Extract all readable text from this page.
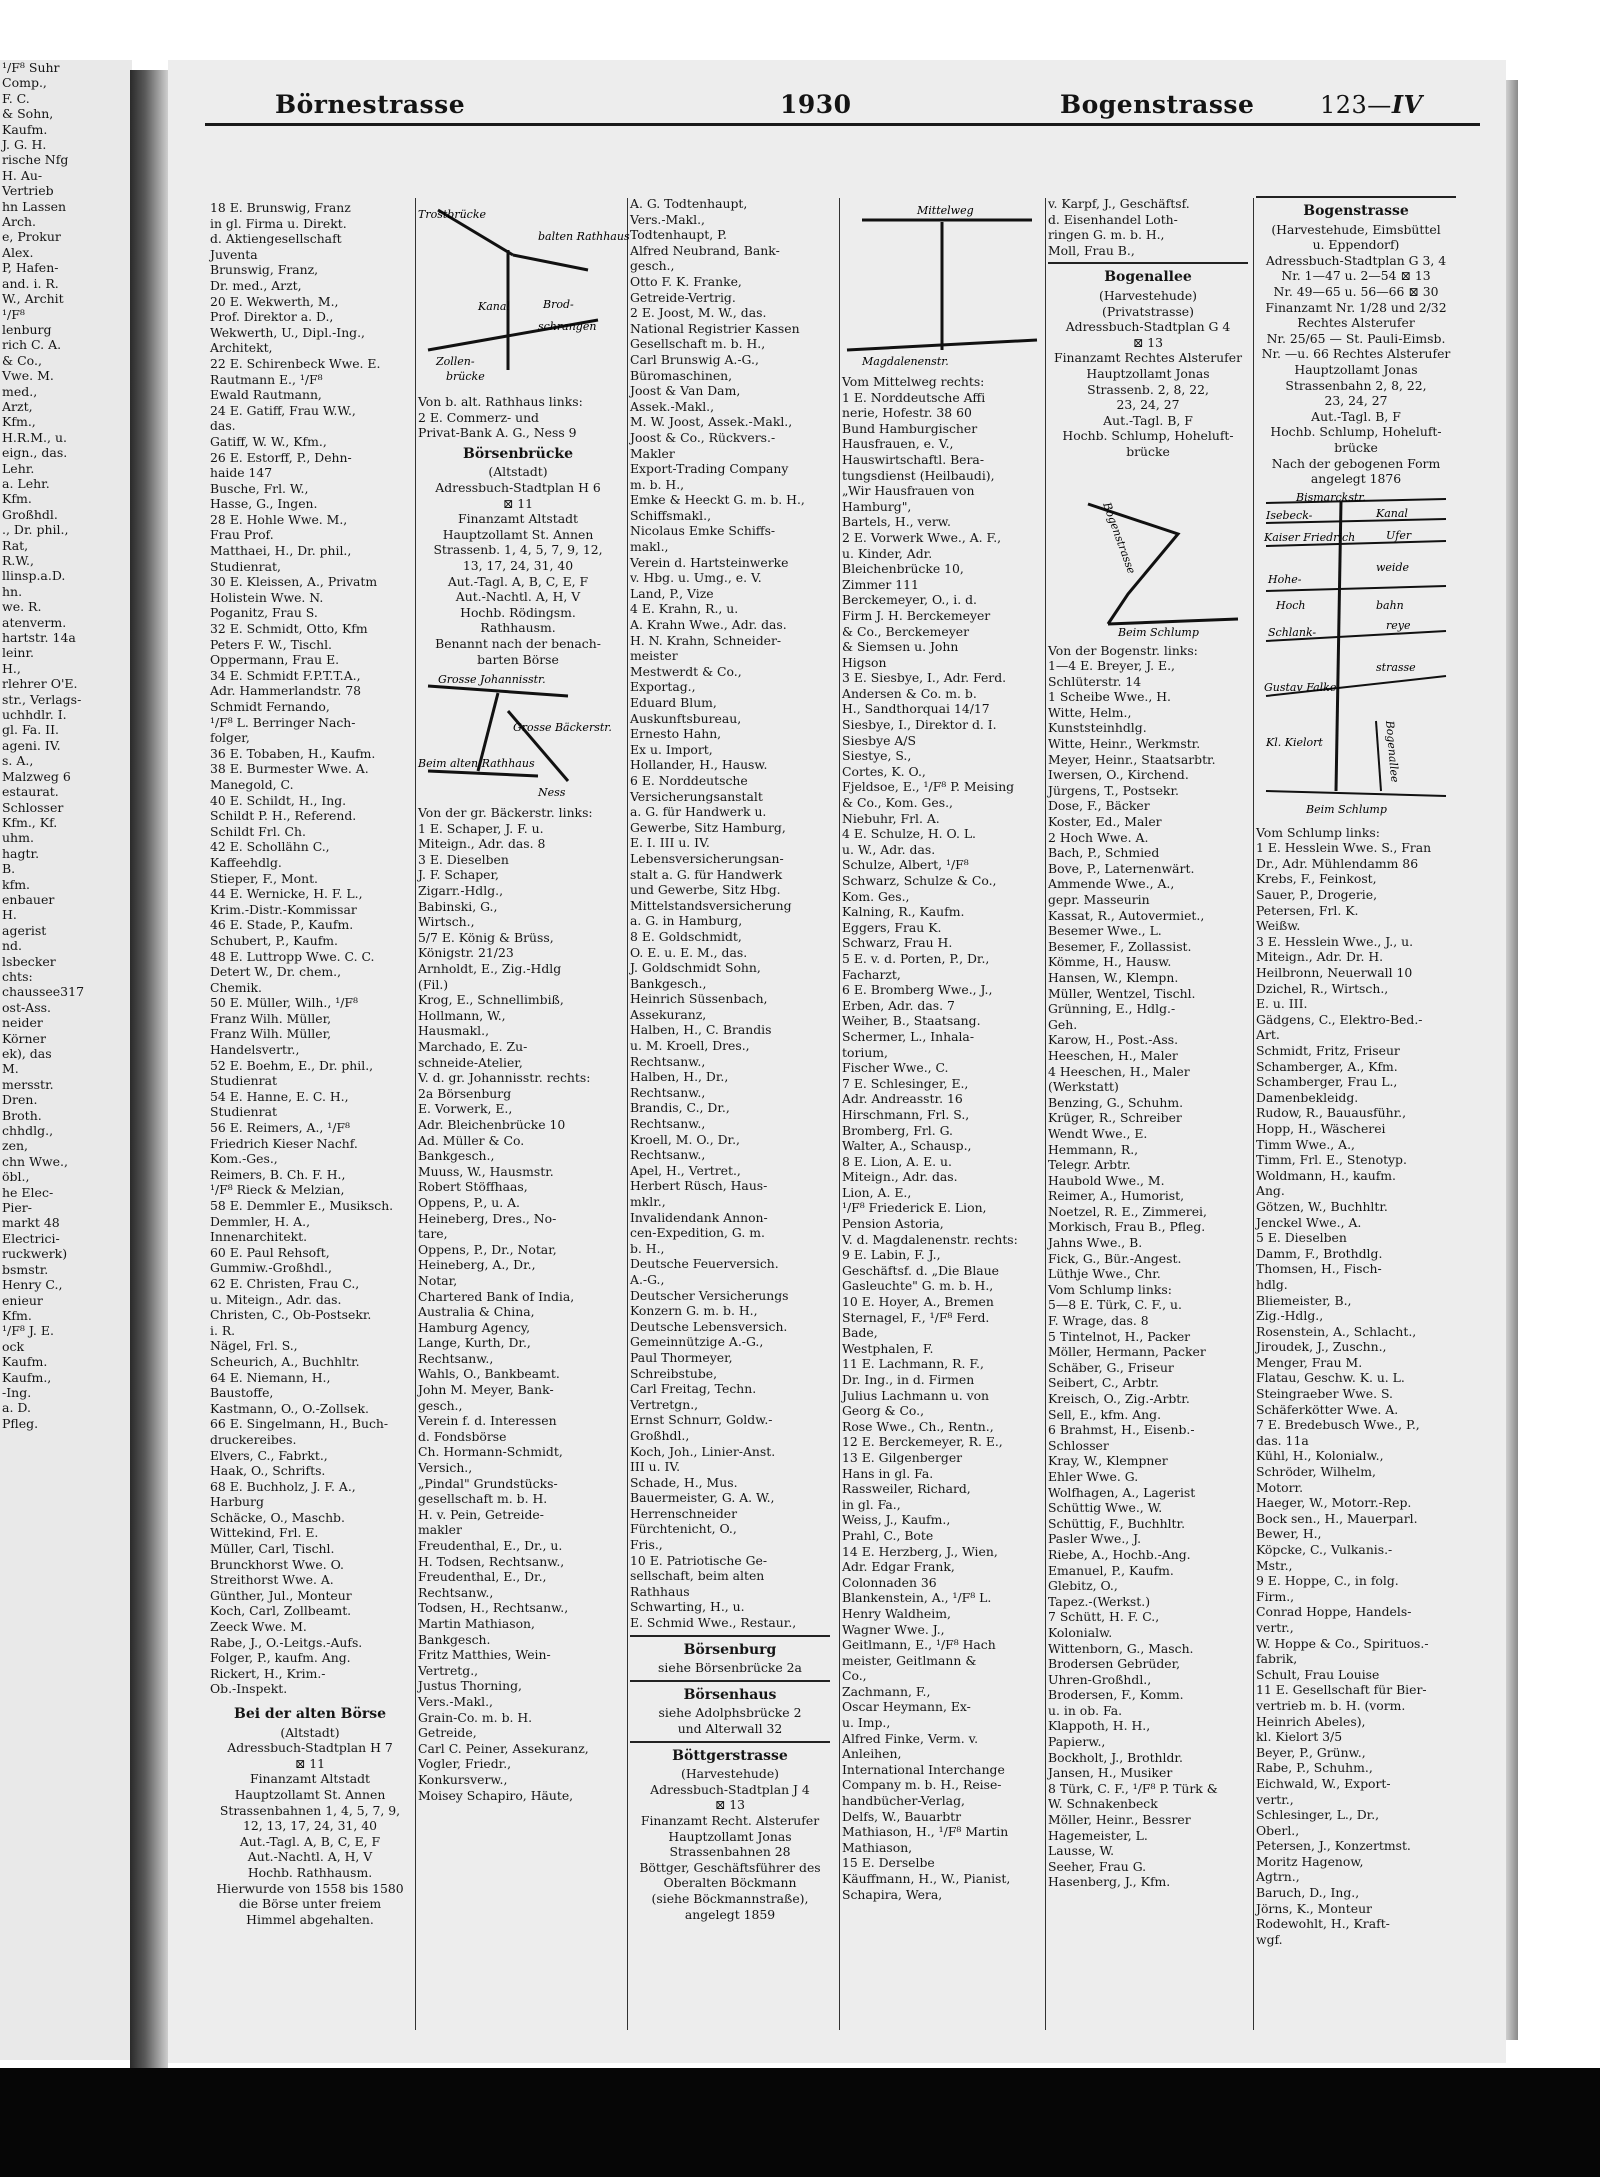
¹/F⁸ Suhr
Comp.,
F. C.
& Sohn,
Kaufm.
J. G. H.
rische Nfg
H. Au-
Vertrieb
hn Lassen
Arch.
e, Prokur
Alex.
P, Hafen-
and. i. R.
W., Archit
¹/F⁸
lenburg
rich C. A.
& Co.,
Vwe. M.
med.,
Arzt,
Kfm.,
H.R.M., u.
eign., das.
Lehr.
a. Lehr.
Kfm.
Großhdl.
., Dr. phil.,
Rat,
R.W.,
llinsp.a.D.
hn.
we. R.
atenverm.
hartstr. 14a
leinr.
H.,
rlehrer O'E.
str., Verlags-
uchhdlr. I.
gl. Fa. II.
ageni. IV.
s. A.,
Malzweg 6
estaurat.
Schlosser
Kfm., Kf.
uhm.
hagtr.
B.
kfm.
enbauer
H.
agerist
nd.
lsbecker
chts:
chaussee317
ost-Ass.
neider
Körner
ek), das
M.
mersstr.
Dren.
Broth.
chhdlg.,
zen,
chn Wwe.,
öbl.,
he Elec-
Pier-
markt 48
Electrici-
ruckwerk)
bsmstr.
Henry C.,
enieur
Kfm.
¹/F⁸ J. E.
ock
Kaufm.
Kaufm.,
-Ing.
a. D.
Pfleg.
Börnestrasse	1930	Bogenstrasse	123—IV
18 E. Brunswig, Franz
in gl. Firma u. Direkt.
d. Aktiengesellschaft
Juventa
Brunswig, Franz,
Dr. med., Arzt,
20 E. Wekwerth, M.,
Prof. Direktor a. D.,
Wekwerth, U., Dipl.-Ing.,
Architekt,
22 E. Schirenbeck Wwe. E.
Rautmann E., ¹/F⁸
Ewald Rautmann,
24 E. Gatiff, Frau W.W.,
das.
Gatiff, W. W., Kfm.,
26 E. Estorff, P., Dehn-
haide 147
Busche, Frl. W.,
Hasse, G., Ingen.
28 E. Hohle Wwe. M.,
Frau Prof.
Matthaei, H., Dr. phil.,
Studienrat,
30 E. Kleissen, A., Privatm
Holistein Wwe. N.
Poganitz, Frau S.
32 E. Schmidt, Otto, Kfm
Peters F. W., Tischl.
Oppermann, Frau E.
34 E. Schmidt F.P.T.T.A.,
Adr. Hammerlandstr. 78
Schmidt Fernando,
¹/F⁸ L. Berringer Nach-
folger,
36 E. Tobaben, H., Kaufm.
38 E. Burmester Wwe. A.
Manegold, C.
40 E. Schildt, H., Ing.
Schildt P. H., Referend.
Schildt Frl. Ch.
42 E. Schollähn C.,
Kaffeehdlg.
Stieper, F., Mont.
44 E. Wernicke, H. F. L.,
Krim.-Distr.-Kommissar
46 E. Stade, P., Kaufm.
Schubert, P., Kaufm.
48 E. Luttropp Wwe. C. C.
Detert W., Dr. chem.,
Chemik.
50 E. Müller, Wilh., ¹/F⁸
Franz Wilh. Müller,
Franz Wilh. Müller,
Handelsvertr.,
52 E. Boehm, E., Dr. phil.,
Studienrat
54 E. Hanne, E. C. H.,
Studienrat
56 E. Reimers, A., ¹/F⁸
Friedrich Kieser Nachf.
Kom.-Ges.,
Reimers, B. Ch. F. H.,
¹/F⁸ Rieck & Melzian,
58 E. Demmler E., Musiksch.
Demmler, H. A.,
Innenarchitekt.
60 E. Paul Rehsoft,
Gummiw.-Großhdl.,
62 E. Christen, Frau C.,
u. Miteign., Adr. das.
Christen, C., Ob-Postsekr.
i. R.
Nägel, Frl. S.,
Scheurich, A., Buchhltr.
64 E. Niemann, H.,
Baustoffe,
Kastmann, O., O.-Zollsek.
66 E. Singelmann, H., Buch-
druckereibes.
Elvers, C., Fabrkt.,
Haak, O., Schrifts.
68 E. Buchholz, J. F. A.,
Harburg
Schäcke, O., Maschb.
Wittekind, Frl. E.
Müller, Carl, Tischl.
Brunckhorst Wwe. O.
Streithorst Wwe. A.
Günther, Jul., Monteur
Koch, Carl, Zollbeamt.
Zeeck Wwe. M.
Rabe, J., O.-Leitgs.-Aufs.
Folger, P., kaufm. Ang.
Rickert, H., Krim.-
Ob.-Inspekt.
Bei der alten Börse
(Altstadt)
Adressbuch-Stadtplan H 7
⊠ 11
Finanzamt Altstadt
Hauptzollamt St. Annen
Strassenbahnen 1, 4, 5, 7, 9,
12, 13, 17, 24, 31, 40
Aut.-Tagl. A, B, C, E, F
Aut.-Nachtl. A, H, V
Hochb. Rathhausm.
Hierwurde von 1558 bis 1580
die Börse unter freiem
Himmel abgehalten.
Trostbrücke
balten Rathhaus
Kanal	Brod-
schrangen
Zollen-
brücke
Von b. alt. Rathhaus links:
2 E. Commerz- und
Privat-Bank A. G., Ness 9
Börsenbrücke
(Altstadt)
Adressbuch-Stadtplan H 6
⊠ 11
Finanzamt Altstadt
Hauptzollamt St. Annen
Strassenb. 1, 4, 5, 7, 9, 12,
13, 17, 24, 31, 40
Aut.-Tagl. A, B, C, E, F
Aut.-Nachtl. A, H, V
Hochb. Rödingsm.
Rathhausm.
Benannt nach der benach-
barten Börse
Grosse Johannisstr.
Grosse Bäckerstr.
Beim alten Rathhaus
Ness
Von der gr. Bäckerstr. links:
1 E. Schaper, J. F. u.
Miteign., Adr. das. 8
3 E. Dieselben
J. F. Schaper,
Zigarr.-Hdlg.,
Babinski, G.,
Wirtsch.,
5/7 E. König & Brüss,
Königstr. 21/23
Arnholdt, E., Zig.-Hdlg
(Fil.)
Krog, E., Schnellimbiß,
Hollmann, W.,
Hausmakl.,
Marchado, E. Zu-
schneide-Atelier,
V. d. gr. Johannisstr. rechts:
2a Börsenburg
E. Vorwerk, E.,
Adr. Bleichenbrücke 10
Ad. Müller & Co.
Bankgesch.,
Muuss, W., Hausmstr.
Robert Stöffhaas,
Oppens, P., u. A.
Heineberg, Dres., No-
tare,
Oppens, P., Dr., Notar,
Heineberg, A., Dr.,
Notar,
Chartered Bank of India,
Australia & China,
Hamburg Agency,
Lange, Kurth, Dr.,
Rechtsanw.,
Wahls, O., Bankbeamt.
John M. Meyer, Bank-
gesch.,
Verein f. d. Interessen
d. Fondsbörse
Ch. Hormann-Schmidt,
Versich.,
„Pindal" Grundstücks-
gesellschaft m. b. H.
H. v. Pein, Getreide-
makler
Freudenthal, E., Dr., u.
H. Todsen, Rechtsanw.,
Freudenthal, E., Dr.,
Rechtsanw.,
Todsen, H., Rechtsanw.,
Martin Mathiason,
Bankgesch.
Fritz Matthies, Wein-
Vertretg.,
Justus Thorning,
Vers.-Makl.,
Grain-Co. m. b. H.
Getreide,
Carl C. Peiner, Assekuranz,
Vogler, Friedr.,
Konkursverw.,
Moisey Schapiro, Häute,
A. G. Todtenhaupt,
Vers.-Makl.,
Todtenhaupt, P.
Alfred Neubrand, Bank-
gesch.,
Otto F. K. Franke,
Getreide-Vertrig.
2 E. Joost, M. W., das.
National Registrier Kassen
Gesellschaft m. b. H.,
Carl Brunswig A.-G.,
Büromaschinen,
Joost & Van Dam,
Assek.-Makl.,
M. W. Joost, Assek.-Makl.,
Joost & Co., Rückvers.-
Makler
Export-Trading Company
m. b. H.,
Emke & Heeckt G. m. b. H.,
Schiffsmakl.,
Nicolaus Emke Schiffs-
makl.,
Verein d. Hartsteinwerke
v. Hbg. u. Umg., e. V.
Land, P., Vize
4 E. Krahn, R., u.
A. Krahn Wwe., Adr. das.
H. N. Krahn, Schneider-
meister
Mestwerdt & Co.,
Exportag.,
Eduard Blum,
Auskunftsbureau,
Ernesto Hahn,
Ex u. Import,
Hollander, H., Hausw.
6 E. Norddeutsche
Versicherungsanstalt
a. G. für Handwerk u.
Gewerbe, Sitz Hamburg,
E. I. III u. IV.
Lebensversicherungsan-
stalt a. G. für Handwerk
und Gewerbe, Sitz Hbg.
Mittelstandsversicherung
a. G. in Hamburg,
8 E. Goldschmidt,
O. E. u. E. M., das.
J. Goldschmidt Sohn,
Bankgesch.,
Heinrich Süssenbach,
Assekuranz,
Halben, H., C. Brandis
u. M. Kroell, Dres.,
Rechtsanw.,
Halben, H., Dr.,
Rechtsanw.,
Brandis, C., Dr.,
Rechtsanw.,
Kroell, M. O., Dr.,
Rechtsanw.,
Apel, H., Vertret.,
Herbert Rüsch, Haus-
mklr.,
Invalidendank Annon-
cen-Expedition, G. m.
b. H.,
Deutsche Feuerversich.
A.-G.,
Deutscher Versicherungs
Konzern G. m. b. H.,
Deutsche Lebensversich.
Gemeinnützige A.-G.,
Paul Thormeyer,
Schreibstube,
Carl Freitag, Techn.
Vertretgn.,
Ernst Schnurr, Goldw.-
Großhdl.,
Koch, Joh., Linier-Anst.
III u. IV.
Schade, H., Mus.
Bauermeister, G. A. W.,
Herrenschneider
Fürchtenicht, O.,
Fris.,
10 E. Patriotische Ge-
sellschaft, beim alten
Rathhaus
Schwarting, H., u.
E. Schmid Wwe., Restaur.,
Börsenburg
siehe Börsenbrücke 2a
Börsenhaus
siehe Adolphsbrücke 2
und Alterwall 32
Böttgerstrasse
(Harvestehude)
Adressbuch-Stadtplan J 4
⊠ 13
Finanzamt Recht. Alsterufer
Hauptzollamt Jonas
Strassenbahnen 28
Böttger, Geschäftsführer des
Oberalten Böckmann
(siehe Böckmannstraße),
angelegt 1859
Mittelweg
Magdalenenstr.
Vom Mittelweg rechts:
1 E. Norddeutsche Affi
nerie, Hofestr. 38 60
Bund Hamburgischer
Hausfrauen, e. V.,
Hauswirtschaftl. Bera-
tungsdienst (Heilbaudi),
„Wir Hausfrauen von
Hamburg",
Bartels, H., verw.
2 E. Vorwerk Wwe., A. F.,
u. Kinder, Adr.
Bleichenbrücke 10,
Zimmer 111
Berckemeyer, O., i. d.
Firm J. H. Berckemeyer
& Co., Berckemeyer
& Siemsen u. John
Higson
3 E. Siesbye, I., Adr. Ferd.
Andersen & Co. m. b.
H., Sandthorquai 14/17
Siesbye, I., Direktor d. I.
Siesbye A/S
Siestye, S.,
Cortes, K. O.,
Fjeldsoe, E., ¹/F⁸ P. Meising
& Co., Kom. Ges.,
Niebuhr, Frl. A.
4 E. Schulze, H. O. L.
u. W., Adr. das.
Schulze, Albert, ¹/F⁸
Schwarz, Schulze & Co.,
Kom. Ges.,
Kalning, R., Kaufm.
Eggers, Frau K.
Schwarz, Frau H.
5 E. v. d. Porten, P., Dr.,
Facharzt,
6 E. Bromberg Wwe., J.,
Erben, Adr. das. 7
Weiher, B., Staatsang.
Schermer, L., Inhala-
torium,
Fischer Wwe., C.
7 E. Schlesinger, E.,
Adr. Andreasstr. 16
Hirschmann, Frl. S.,
Bromberg, Frl. G.
Walter, A., Schausp.,
8 E. Lion, A. E. u.
Miteign., Adr. das.
Lion, A. E.,
¹/F⁸ Friederick E. Lion,
Pension Astoria,
V. d. Magdalenenstr. rechts:
9 E. Labin, F. J.,
Geschäftsf. d. „Die Blaue
Gasleuchte" G. m. b. H.,
10 E. Hoyer, A., Bremen
Sternagel, F., ¹/F⁸ Ferd.
Bade,
Westphalen, F.
11 E. Lachmann, R. F.,
Dr. Ing., in d. Firmen
Julius Lachmann u. von
Georg & Co.,
Rose Wwe., Ch., Rentn.,
12 E. Berckemeyer, R. E.,
13 E. Gilgenberger
Hans in gl. Fa.
Rassweiler, Richard,
in gl. Fa.,
Weiss, J., Kaufm.,
Prahl, C., Bote
14 E. Herzberg, J., Wien,
Adr. Edgar Frank,
Colonnaden 36
Blankenstein, A., ¹/F⁸ L.
Henry Waldheim,
Wagner Wwe. J.,
Geitlmann, E., ¹/F⁸ Hach
meister, Geitlmann &
Co.,
Zachmann, F.,
Oscar Heymann, Ex-
u. Imp.,
Alfred Finke, Verm. v.
Anleihen,
International Interchange
Company m. b. H., Reise-
handbücher-Verlag,
Delfs, W., Bauarbtr
Mathiason, H., ¹/F⁸ Martin
Mathiason,
15 E. Derselbe
Käuffmann, H., W., Pianist,
Schapira, Wera,
v. Karpf, J., Geschäftsf.
d. Eisenhandel Loth-
ringen G. m. b. H.,
Moll, Frau B.,
Bogenallee
(Harvestehude)
(Privatstrasse)
Adressbuch-Stadtplan G 4
⊠ 13
Finanzamt Rechtes Alsterufer
Hauptzollamt Jonas
Strassenb. 2, 8, 22,
23, 24, 27
Aut.-Tagl. B, F
Hochb. Schlump, Hoheluft-
brücke
Bogenstrasse
Beim Schlump
Von der Bogenstr. links:
1—4 E. Breyer, J. E.,
Schlüterstr. 14
1 Scheibe Wwe., H.
Witte, Helm.,
Kunststeinhdlg.
Witte, Heinr., Werkmstr.
Meyer, Heinr., Staatsarbtr.
Iwersen, O., Kirchend.
Jürgens, T., Postsekr.
Dose, F., Bäcker
Koster, Ed., Maler
2 Hoch Wwe. A.
Bach, P., Schmied
Bove, P., Laternenwärt.
Ammende Wwe., A.,
gepr. Masseurin
Kassat, R., Autovermiet.,
Besemer Wwe., L.
Besemer, F., Zollassist.
Kömme, H., Hausw.
Hansen, W., Klempn.
Müller, Wentzel, Tischl.
Grünning, E., Hdlg.-
Geh.
Karow, H., Post.-Ass.
Heeschen, H., Maler
4 Heeschen, H., Maler
(Werkstatt)
Benzing, G., Schuhm.
Krüger, R., Schreiber
Wendt Wwe., E.
Hemmann, R.,
Telegr. Arbtr.
Haubold Wwe., M.
Reimer, A., Humorist,
Noetzel, R. E., Zimmerei,
Morkisch, Frau B., Pfleg.
Jahns Wwe., B.
Fick, G., Bür.-Angest.
Lüthje Wwe., Chr.
Vom Schlump links:
5—8 E. Türk, C. F., u.
F. Wrage, das. 8
5 Tintelnot, H., Packer
Möller, Hermann, Packer
Schäber, G., Friseur
Seibert, C., Arbtr.
Kreisch, O., Zig.-Arbtr.
Sell, E., kfm. Ang.
6 Brahmst, H., Eisenb.-
Schlosser
Kray, W., Klempner
Ehler Wwe. G.
Wolfhagen, A., Lagerist
Schüttig Wwe., W.
Schüttig, F., Buchhltr.
Pasler Wwe., J.
Riebe, A., Hochb.-Ang.
Emanuel, P., Kaufm.
Glebitz, O.,
Tapez.-(Werkst.)
7 Schütt, H. F. C.,
Kolonialw.
Wittenborn, G., Masch.
Brodersen Gebrüder,
Uhren-Großhdl.,
Brodersen, F., Komm.
u. in ob. Fa.
Klappoth, H. H.,
Papierw.,
Bockholt, J., Brothldr.
Jansen, H., Musiker
8 Türk, C. F., ¹/F⁸ P. Türk &
W. Schnakenbeck
Möller, Heinr., Bessrer
Hagemeister, L.
Lausse, W.
Seeher, Frau G.
Hasenberg, J., Kfm.
Bogenstrasse
(Harvestehude, Eimsbüttel
u. Eppendorf)
Adressbuch-Stadtplan G 3, 4
Nr. 1—47 u. 2—54 ⊠ 13
Nr. 49—65 u. 56—66 ⊠ 30
Finanzamt Nr. 1/28 und 2/32
Rechtes Alsterufer
Nr. 25/65 — St. Pauli-Eimsb.
Nr. —u. 66 Rechtes Alsterufer
Hauptzollamt Jonas
Strassenbahn 2, 8, 22,
23, 24, 27
Aut.-Tagl. B, F
Hochb. Schlump, Hoheluft-
brücke
Nach der gebogenen Form
angelegt 1876
Bismarckstr.
Isebeck-	Kanal
Kaiser Friedrich	Ufer
Hohe-
weide
Hoch	bahn
Schlank-
reye
Gustav Falke-
strasse
Bogenallee
Kl. Kielort
Beim Schlump
Vom Schlump links:
1 E. Hesslein Wwe. S., Fran
Dr., Adr. Mühlendamm 86
Krebs, F., Feinkost,
Sauer, P., Drogerie,
Petersen, Frl. K.
Weißw.
3 E. Hesslein Wwe., J., u.
Miteign., Adr. Dr. H.
Heilbronn, Neuerwall 10
Dzichel, R., Wirtsch.,
E. u. III.
Gädgens, C., Elektro-Bed.-
Art.
Schmidt, Fritz, Friseur
Schamberger, A., Kfm.
Schamberger, Frau L.,
Damenbekleidg.
Rudow, R., Bauausführ.,
Hopp, H., Wäscherei
Timm Wwe., A.,
Timm, Frl. E., Stenotyp.
Woldmann, H., kaufm.
Ang.
Götzen, W., Buchhltr.
Jenckel Wwe., A.
5 E. Dieselben
Damm, F., Brothdlg.
Thomsen, H., Fisch-
hdlg.
Bliemeister, B.,
Zig.-Hdlg.,
Rosenstein, A., Schlacht.,
Jiroudek, J., Zuschn.,
Menger, Frau M.
Flatau, Geschw. K. u. L.
Steingraeber Wwe. S.
Schäferkötter Wwe. A.
7 E. Bredebusch Wwe., P.,
das. 11a
Kühl, H., Kolonialw.,
Schröder, Wilhelm,
Motorr.
Haeger, W., Motorr.-Rep.
Bock sen., H., Mauerparl.
Bewer, H.,
Köpcke, C., Vulkanis.-
Mstr.,
9 E. Hoppe, C., in folg.
Firm.,
Conrad Hoppe, Handels-
vertr.,
W. Hoppe & Co., Spirituos.-
fabrik,
Schult, Frau Louise
11 E. Gesellschaft für Bier-
vertrieb m. b. H. (vorm.
Heinrich Abeles),
kl. Kielort 3/5
Beyer, P., Grünw.,
Rabe, P., Schuhm.,
Eichwald, W., Export-
vertr.,
Schlesinger, L., Dr.,
Oberl.,
Petersen, J., Konzertmst.
Moritz Hagenow,
Agtrn.,
Baruch, D., Ing.,
Jörns, K., Monteur
Rodewohlt, H., Kraft-
wgf.
